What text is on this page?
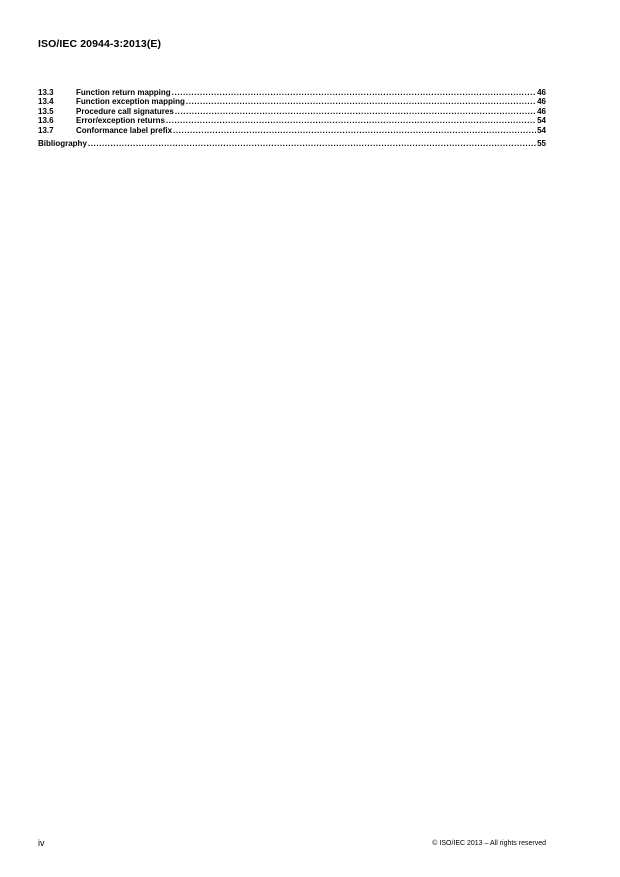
ISO/IEC 20944-3:2013(E)
13.3	Function return mapping .....	46
13.4	Function exception mapping .....	46
13.5	Procedure call signatures .....	46
13.6	Error/exception returns .....	54
13.7	Conformance label prefix .....	54
Bibliography .....	55
iv	© ISO/IEC 2013 – All rights reserved
